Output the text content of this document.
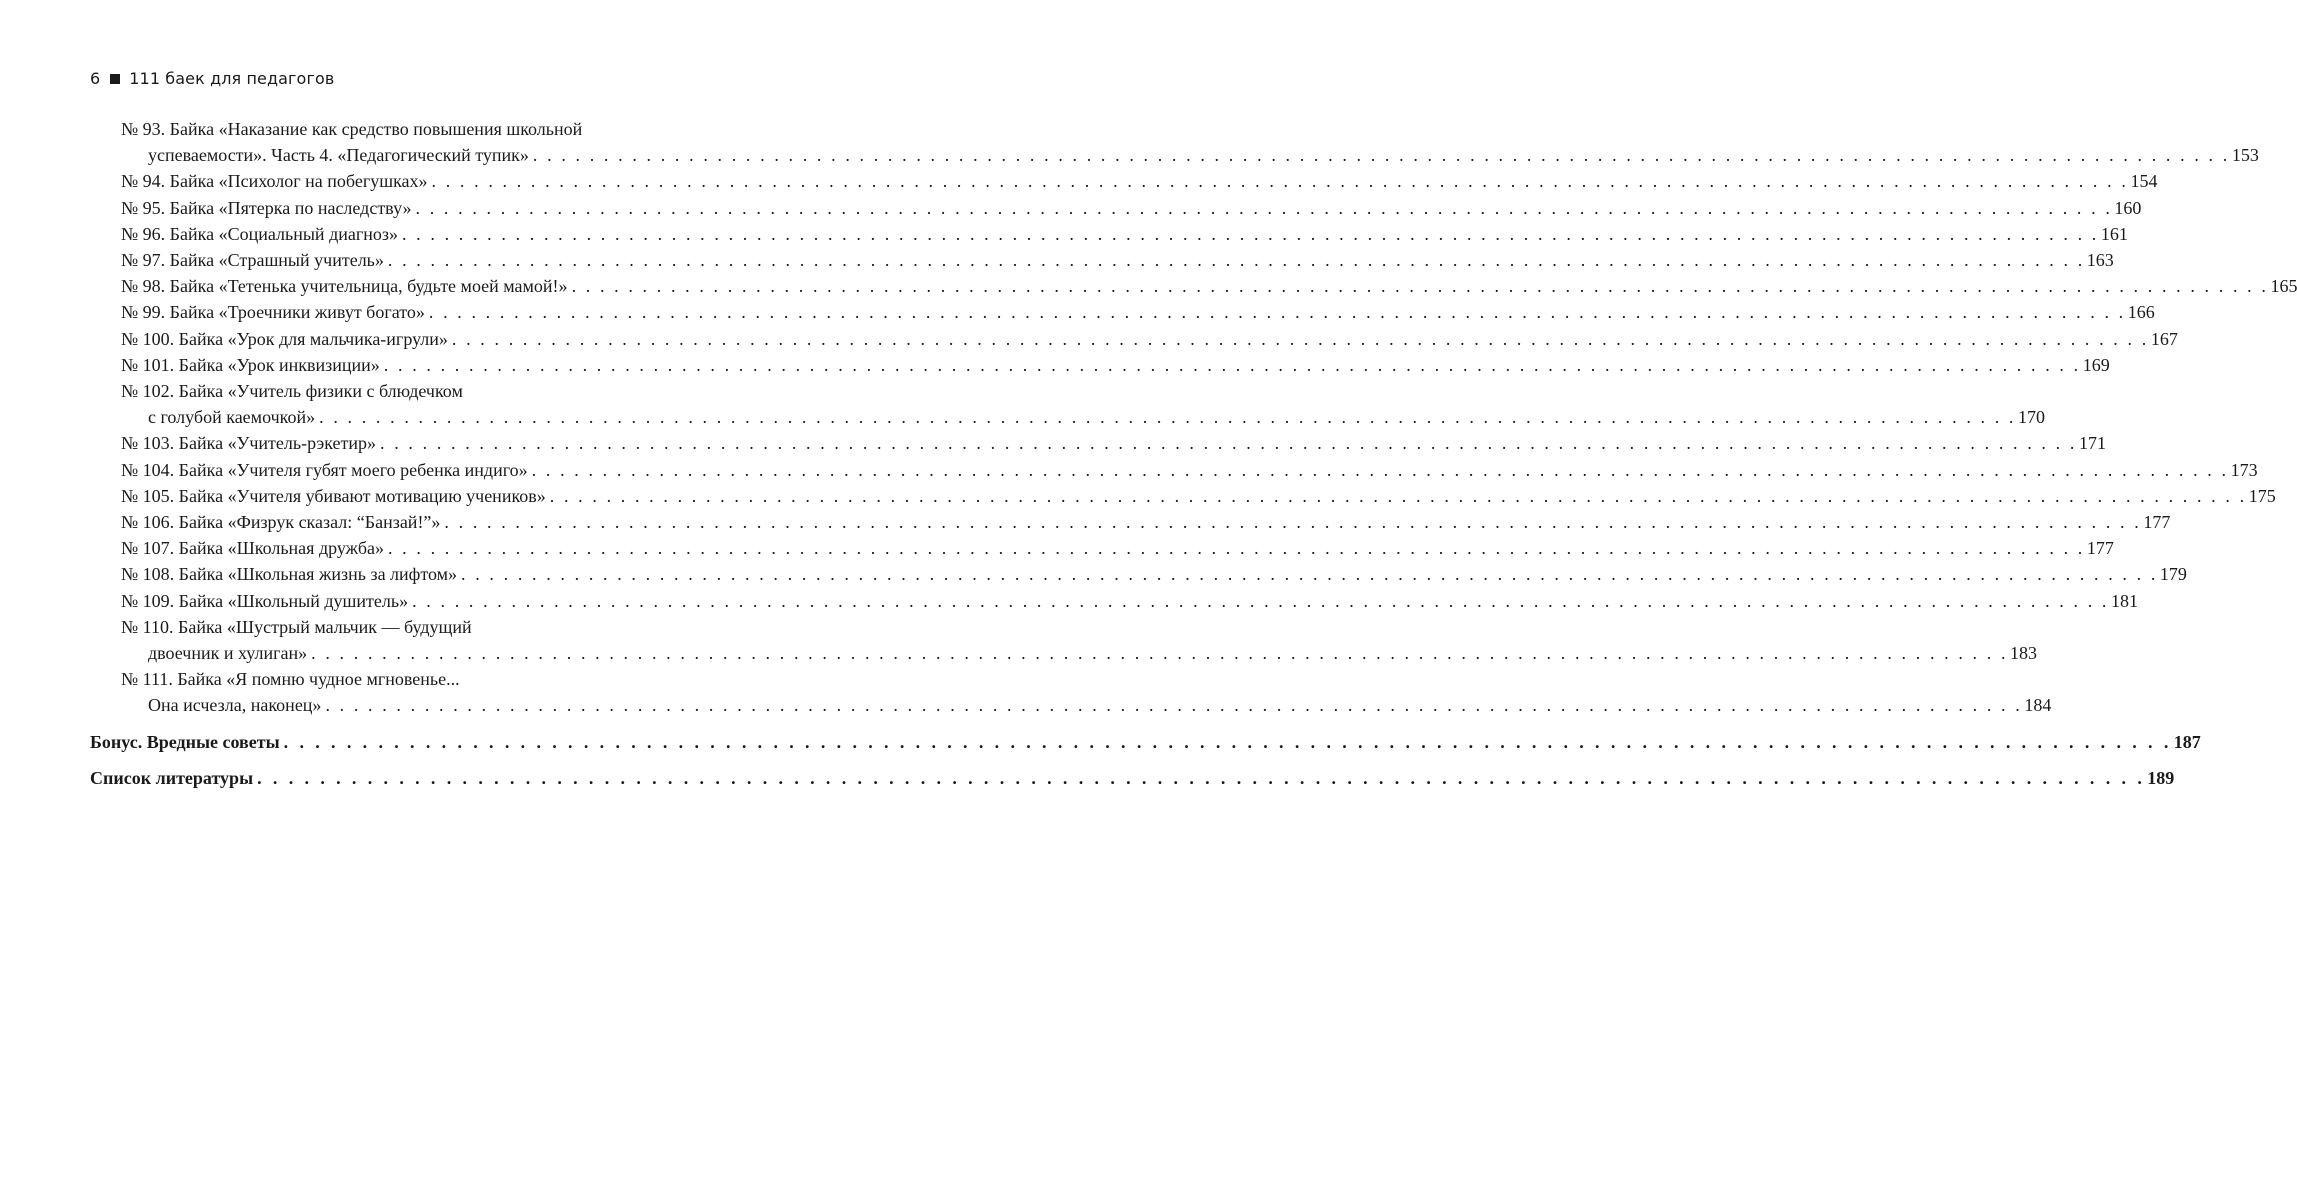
6 111 баек для педагогов
№ 93. Байка «Наказание как средство повышения школьной
успеваемости». Часть 4. «Педагогический тупик» . . . . . . . . . . . . . . . . . . . . . . . . . . . . . . . . . . . . . . . . . . . . . . . . . . . . . . . . . . . . . . . . . . . . . . . . . . . . . . . . . . . . . . . . . . . . . . . . . . . . . . . . . . . . . . . . . . . . . . . . 153
№ 94. Байка «Психолог на побегушках» . . . . . . . . . . . . . . . . . . . . . . . . . . . . . . . . . . . . . . . . . . . . . . . . . . . . . . . . . . . . . . . . . . . . . . . . . . . . . . . . . . . . . . . . . . . . . . . . . . . . . . . . . . . . . . . . . . . . . . . . 154
№ 95. Байка «Пятерка по наследству» . . . . . . . . . . . . . . . . . . . . . . . . . . . . . . . . . . . . . . . . . . . . . . . . . . . . . . . . . . . . . . . . . . . . . . . . . . . . . . . . . . . . . . . . . . . . . . . . . . . . . . . . . . . . . . . . . . . . . . . . 160
№ 96. Байка «Социальный диагноз» . . . . . . . . . . . . . . . . . . . . . . . . . . . . . . . . . . . . . . . . . . . . . . . . . . . . . . . . . . . . . . . . . . . . . . . . . . . . . . . . . . . . . . . . . . . . . . . . . . . . . . . . . . . . . . . . . . . . . . . . 161
№ 97. Байка «Страшный учитель» . . . . . . . . . . . . . . . . . . . . . . . . . . . . . . . . . . . . . . . . . . . . . . . . . . . . . . . . . . . . . . . . . . . . . . . . . . . . . . . . . . . . . . . . . . . . . . . . . . . . . . . . . . . . . . . . . . . . . . . . 163
№ 98. Байка «Тетенька учительница, будьте моей мамой!» . . . . . . . . . . . . . . . . . . . . . . . . . . . . . . . . . . . . . . . . . . . . . . . . . . . . . . . . . . . . . . . . . . . . . . . . . . . . . . . . . . . . . . . . . . . . . . . . . . . . . . . . . . . . . . . . . . . . . . . . 165
№ 99. Байка «Троечники живут богато» . . . . . . . . . . . . . . . . . . . . . . . . . . . . . . . . . . . . . . . . . . . . . . . . . . . . . . . . . . . . . . . . . . . . . . . . . . . . . . . . . . . . . . . . . . . . . . . . . . . . . . . . . . . . . . . . . . . . . . . . 166
№ 100. Байка «Урок для мальчика-игрули» . . . . . . . . . . . . . . . . . . . . . . . . . . . . . . . . . . . . . . . . . . . . . . . . . . . . . . . . . . . . . . . . . . . . . . . . . . . . . . . . . . . . . . . . . . . . . . . . . . . . . . . . . . . . . . . . . . . . . . . . 167
№ 101. Байка «Урок инквизиции» . . . . . . . . . . . . . . . . . . . . . . . . . . . . . . . . . . . . . . . . . . . . . . . . . . . . . . . . . . . . . . . . . . . . . . . . . . . . . . . . . . . . . . . . . . . . . . . . . . . . . . . . . . . . . . . . . . . . . . . . 169
№ 102. Байка «Учитель физики с блюдечком
с голубой каемочкой» . . . . . . . . . . . . . . . . . . . . . . . . . . . . . . . . . . . . . . . . . . . . . . . . . . . . . . . . . . . . . . . . . . . . . . . . . . . . . . . . . . . . . . . . . . . . . . . . . . . . . . . . . . . . . . . . . . . . . . . . 170
№ 103. Байка «Учитель-рэкетир» . . . . . . . . . . . . . . . . . . . . . . . . . . . . . . . . . . . . . . . . . . . . . . . . . . . . . . . . . . . . . . . . . . . . . . . . . . . . . . . . . . . . . . . . . . . . . . . . . . . . . . . . . . . . . . . . . . . . . . . . 171
№ 104. Байка «Учителя губят моего ребенка индиго» . . . . . . . . . . . . . . . . . . . . . . . . . . . . . . . . . . . . . . . . . . . . . . . . . . . . . . . . . . . . . . . . . . . . . . . . . . . . . . . . . . . . . . . . . . . . . . . . . . . . . . . . . . . . . . . . . . . . . . . . 173
№ 105. Байка «Учителя убивают мотивацию учеников» . . . . . . . . . . . . . . . . . . . . . . . . . . . . . . . . . . . . . . . . . . . . . . . . . . . . . . . . . . . . . . . . . . . . . . . . . . . . . . . . . . . . . . . . . . . . . . . . . . . . . . . . . . . . . . . . . . . . . . . . 175
№ 106. Байка «Физрук сказал: “Банзай!”» . . . . . . . . . . . . . . . . . . . . . . . . . . . . . . . . . . . . . . . . . . . . . . . . . . . . . . . . . . . . . . . . . . . . . . . . . . . . . . . . . . . . . . . . . . . . . . . . . . . . . . . . . . . . . . . . . . . . . . . . 177
№ 107. Байка «Школьная дружба» . . . . . . . . . . . . . . . . . . . . . . . . . . . . . . . . . . . . . . . . . . . . . . . . . . . . . . . . . . . . . . . . . . . . . . . . . . . . . . . . . . . . . . . . . . . . . . . . . . . . . . . . . . . . . . . . . . . . . . . . 177
№ 108. Байка «Школьная жизнь за лифтом» . . . . . . . . . . . . . . . . . . . . . . . . . . . . . . . . . . . . . . . . . . . . . . . . . . . . . . . . . . . . . . . . . . . . . . . . . . . . . . . . . . . . . . . . . . . . . . . . . . . . . . . . . . . . . . . . . . . . . . . . 179
№ 109. Байка «Школьный душитель» . . . . . . . . . . . . . . . . . . . . . . . . . . . . . . . . . . . . . . . . . . . . . . . . . . . . . . . . . . . . . . . . . . . . . . . . . . . . . . . . . . . . . . . . . . . . . . . . . . . . . . . . . . . . . . . . . . . . . . . . 181
№ 110. Байка «Шустрый мальчик — будущий
двоечник и хулиган» . . . . . . . . . . . . . . . . . . . . . . . . . . . . . . . . . . . . . . . . . . . . . . . . . . . . . . . . . . . . . . . . . . . . . . . . . . . . . . . . . . . . . . . . . . . . . . . . . . . . . . . . . . . . . . . . . . . . . . . . 183
№ 111. Байка «Я помню чудное мгновенье...
Она исчезла, наконец» . . . . . . . . . . . . . . . . . . . . . . . . . . . . . . . . . . . . . . . . . . . . . . . . . . . . . . . . . . . . . . . . . . . . . . . . . . . . . . . . . . . . . . . . . . . . . . . . . . . . . . . . . . . . . . . . . . . . . . . . 184
Бонус. Вредные советы . . . . . . . . . . . . . . . . . . . . . . . . . . . . . . . . . . . . . . . . . . . . . . . . . . . . . . . . . . . . . . . . . . . . . . . . . . . . . . . . . . . . . . . . . . . . . . . . . . . . . . . . . . . . . . . . . . . . . . . . 187
Список литературы . . . . . . . . . . . . . . . . . . . . . . . . . . . . . . . . . . . . . . . . . . . . . . . . . . . . . . . . . . . . . . . . . . . . . . . . . . . . . . . . . . . . . . . . . . . . . . . . . . . . . . . . . . . . . . . . . . . . . . . . 189
